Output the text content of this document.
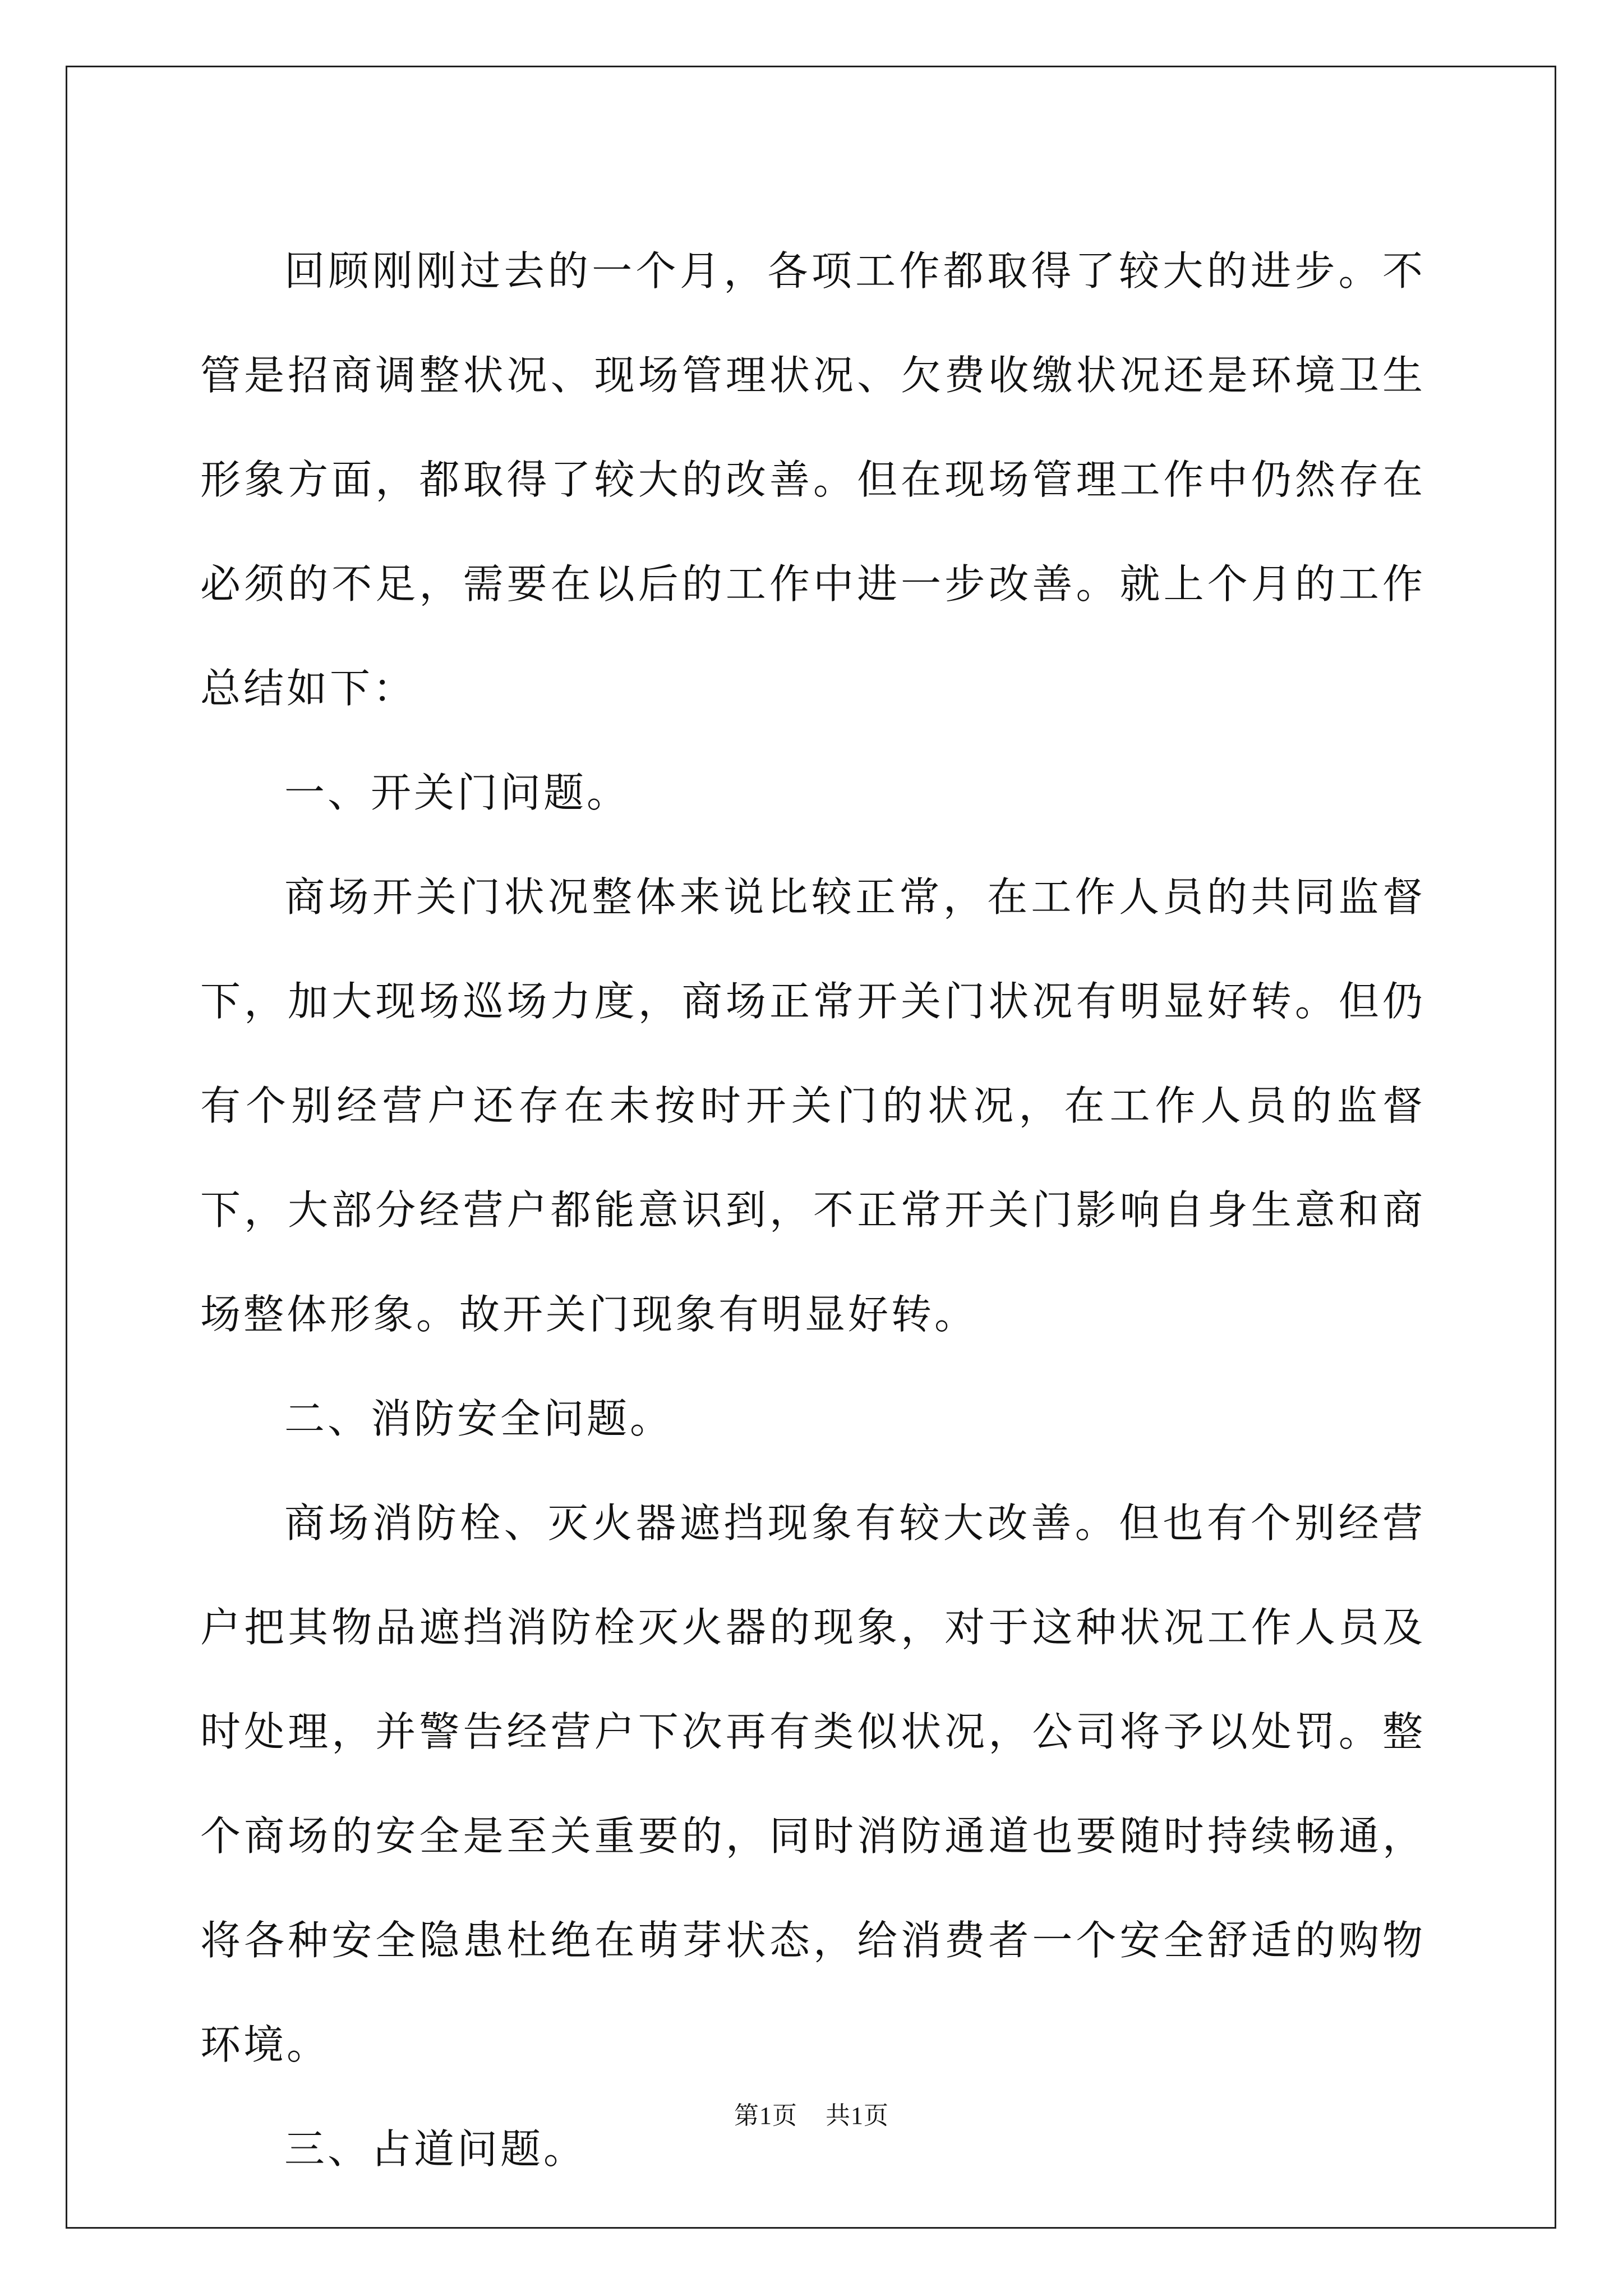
回顾刚刚过去的一个月，各项工作都取得了较大的进步。不管是招商调整状况、现场管理状况、欠费收缴状况还是环境卫生形象方面，都取得了较大的改善。但在现场管理工作中仍然存在必须的不足，需要在以后的工作中进一步改善。就上个月的工作总结如下：

一、开关门问题。

商场开关门状况整体来说比较正常，在工作人员的共同监督下，加大现场巡场力度，商场正常开关门状况有明显好转。但仍有个别经营户还存在未按时开关门的状况，在工作人员的监督下，大部分经营户都能意识到，不正常开关门影响自身生意和商场整体形象。故开关门现象有明显好转。

二、消防安全问题。

商场消防栓、灭火器遮挡现象有较大改善。但也有个别经营户把其物品遮挡消防栓灭火器的现象，对于这种状况工作人员及时处理，并警告经营户下次再有类似状况，公司将予以处罚。整个商场的安全是至关重要的，同时消防通道也要随时持续畅通，将各种安全隐患杜绝在萌芽状态，给消费者一个安全舒适的购物环境。

三、占道问题。

第1页 共1页
